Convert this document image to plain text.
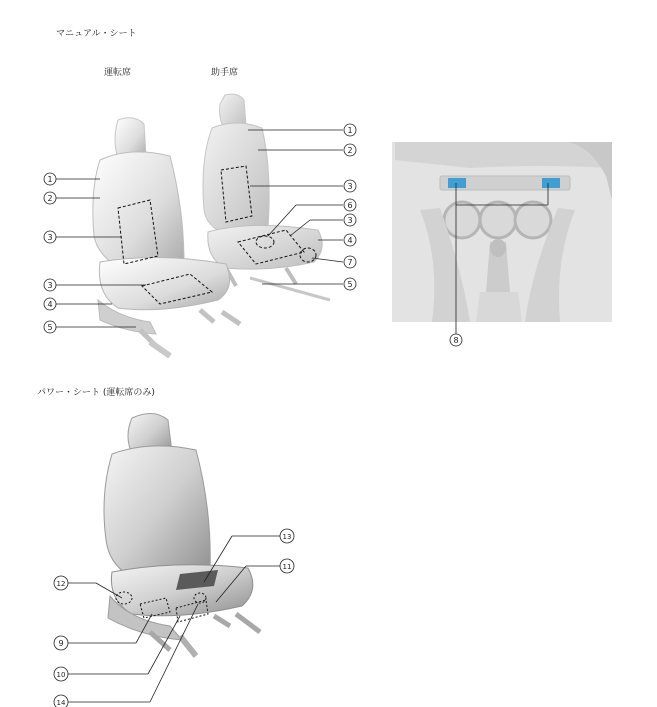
マニュアル・シート
運転席	助手席
パワー・シート (運転席のみ)
1
2
3
6
3
4
7
5
1
2
3
3
4
5
8
12
9
10
14
13
11
